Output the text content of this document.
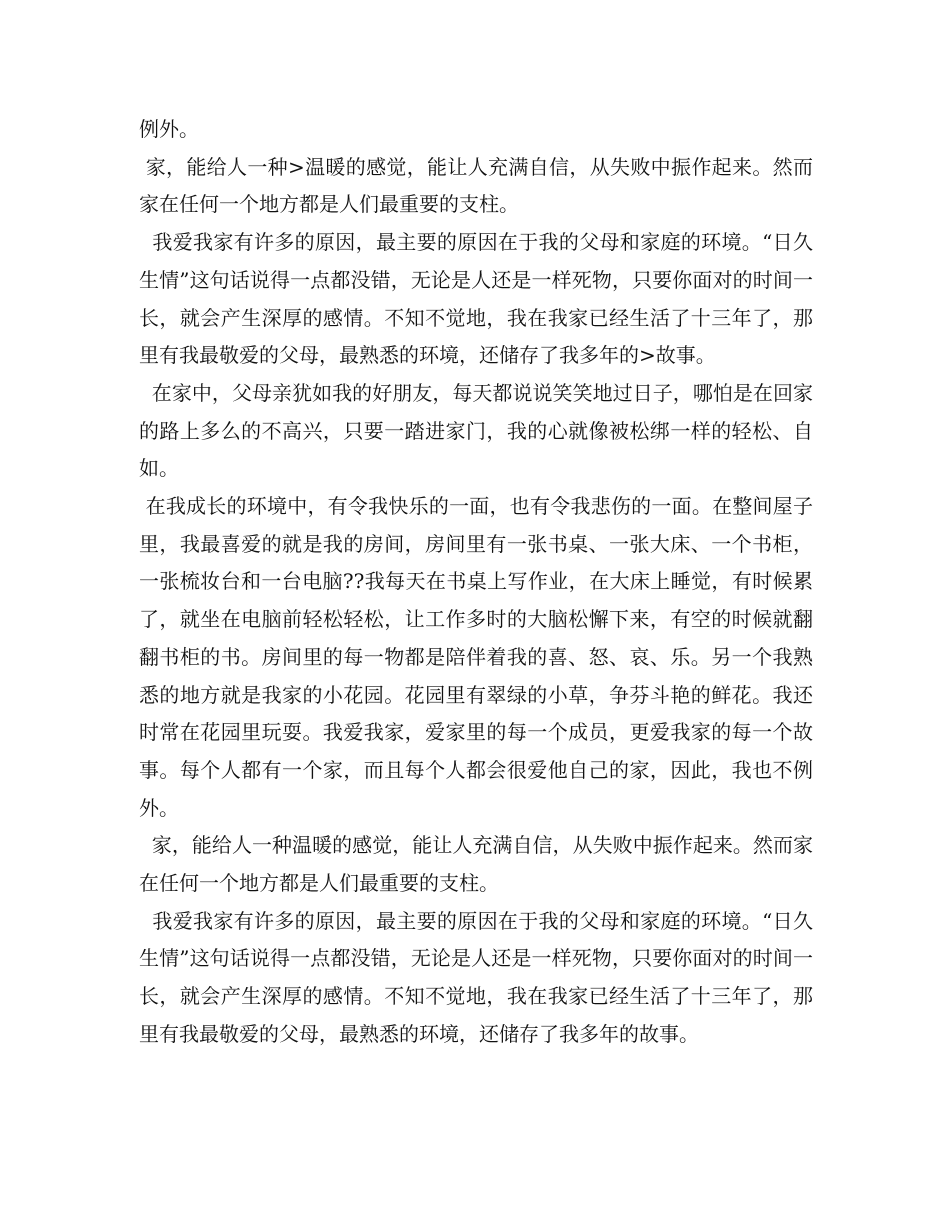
例外。

家，能给人一种>温暖的感觉，能让人充满自信，从失败中振作起来。然而家在任何一个地方都是人们最重要的支柱。

我爱我家有许多的原因，最主要的原因在于我的父母和家庭的环境。“日久生情”这句话说得一点都没错，无论是人还是一样死物，只要你面对的时间一长，就会产生深厚的感情。不知不觉地，我在我家已经生活了十三年了，那里有我最敬爱的父母，最熟悉的环境，还储存了我多年的>故事。

在家中，父母亲犹如我的好朋友，每天都说说笑笑地过日子，哪怕是在回家的路上多么的不高兴，只要一踏进家门，我的心就像被松绑一样的轻松、自如。

在我成长的环境中，有令我快乐的一面，也有令我悲伤的一面。在整间屋子里，我最喜爱的就是我的房间，房间里有一张书桌、一张大床、一个书柜，一张梳妆台和一台电脑??我每天在书桌上写作业，在大床上睡觉，有时候累了，就坐在电脑前轻松轻松，让工作多时的大脑松懈下来，有空的时候就翻翻书柜的书。房间里的每一物都是陪伴着我的喜、怒、哀、乐。另一个我熟悉的地方就是我家的小花园。花园里有翠绿的小草，争芬斗艳的鲜花。我还时常在花园里玩耍。我爱我家，爱家里的每一个成员，更爱我家的每一个故事。每个人都有一个家，而且每个人都会很爱他自己的家，因此，我也不例外。

家，能给人一种温暖的感觉，能让人充满自信，从失败中振作起来。然而家在任何一个地方都是人们最重要的支柱。

我爱我家有许多的原因，最主要的原因在于我的父母和家庭的环境。“日久生情”这句话说得一点都没错，无论是人还是一样死物，只要你面对的时间一长，就会产生深厚的感情。不知不觉地，我在我家已经生活了十三年了，那里有我最敬爱的父母，最熟悉的环境，还储存了我多年的故事。
